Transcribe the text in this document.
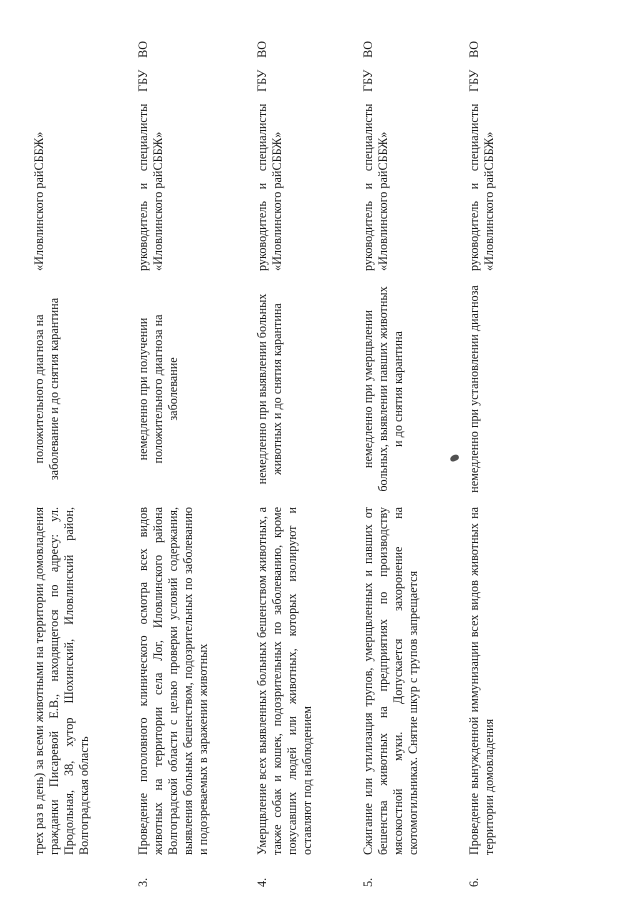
	трех раз в день) за всеми животными на территории домовладения гражданки Писаревой Е.В., находящегося по адресу: ул. Продольная, 38, хутор Шохинский, Иловлинский район, Волгоградская область	положительного диагноза на заболевание и до снятия карантина	«Иловлинского райСББЖ»
3.	Проведение поголовного клинического осмотра всех видов животных на территории села Лог, Иловлинского района Волгоградской области с целью проверки условий содержания, выявления больных бешенством, подозрительных по заболеванию и подозреваемых в заражении животных	немедленно при получении положительного диагноза на заболевание	руководитель и специалисты ГБУ ВО «Иловлинского райСББЖ»
4.	Умерщвление всех выявленных больных бешенством животных, а также собак и кошек, подозрительных по заболеванию, кроме покусавших людей или животных, которых изолируют и оставляют под наблюдением	немедленно при выявлении больных животных и до снятия карантина	руководитель и специалисты ГБУ ВО «Иловлинского райСББЖ»
5.	Сжигание или утилизация трупов, умерщвленных и павших от бешенства животных на предприятиях по производству мясокостной муки. Допускается захоронение на скотомогильниках. Снятие шкур с трупов запрещается	немедленно при умерщвлении больных, выявлении павших животных и до снятия карантина	руководитель и специалисты ГБУ ВО «Иловлинского райСББЖ»
6.	Проведение вынужденной иммунизации всех видов животных на территории домовладения	немедленно при установлении диагноза	руководитель и специалисты ГБУ ВО «Иловлинского райСББЖ»
